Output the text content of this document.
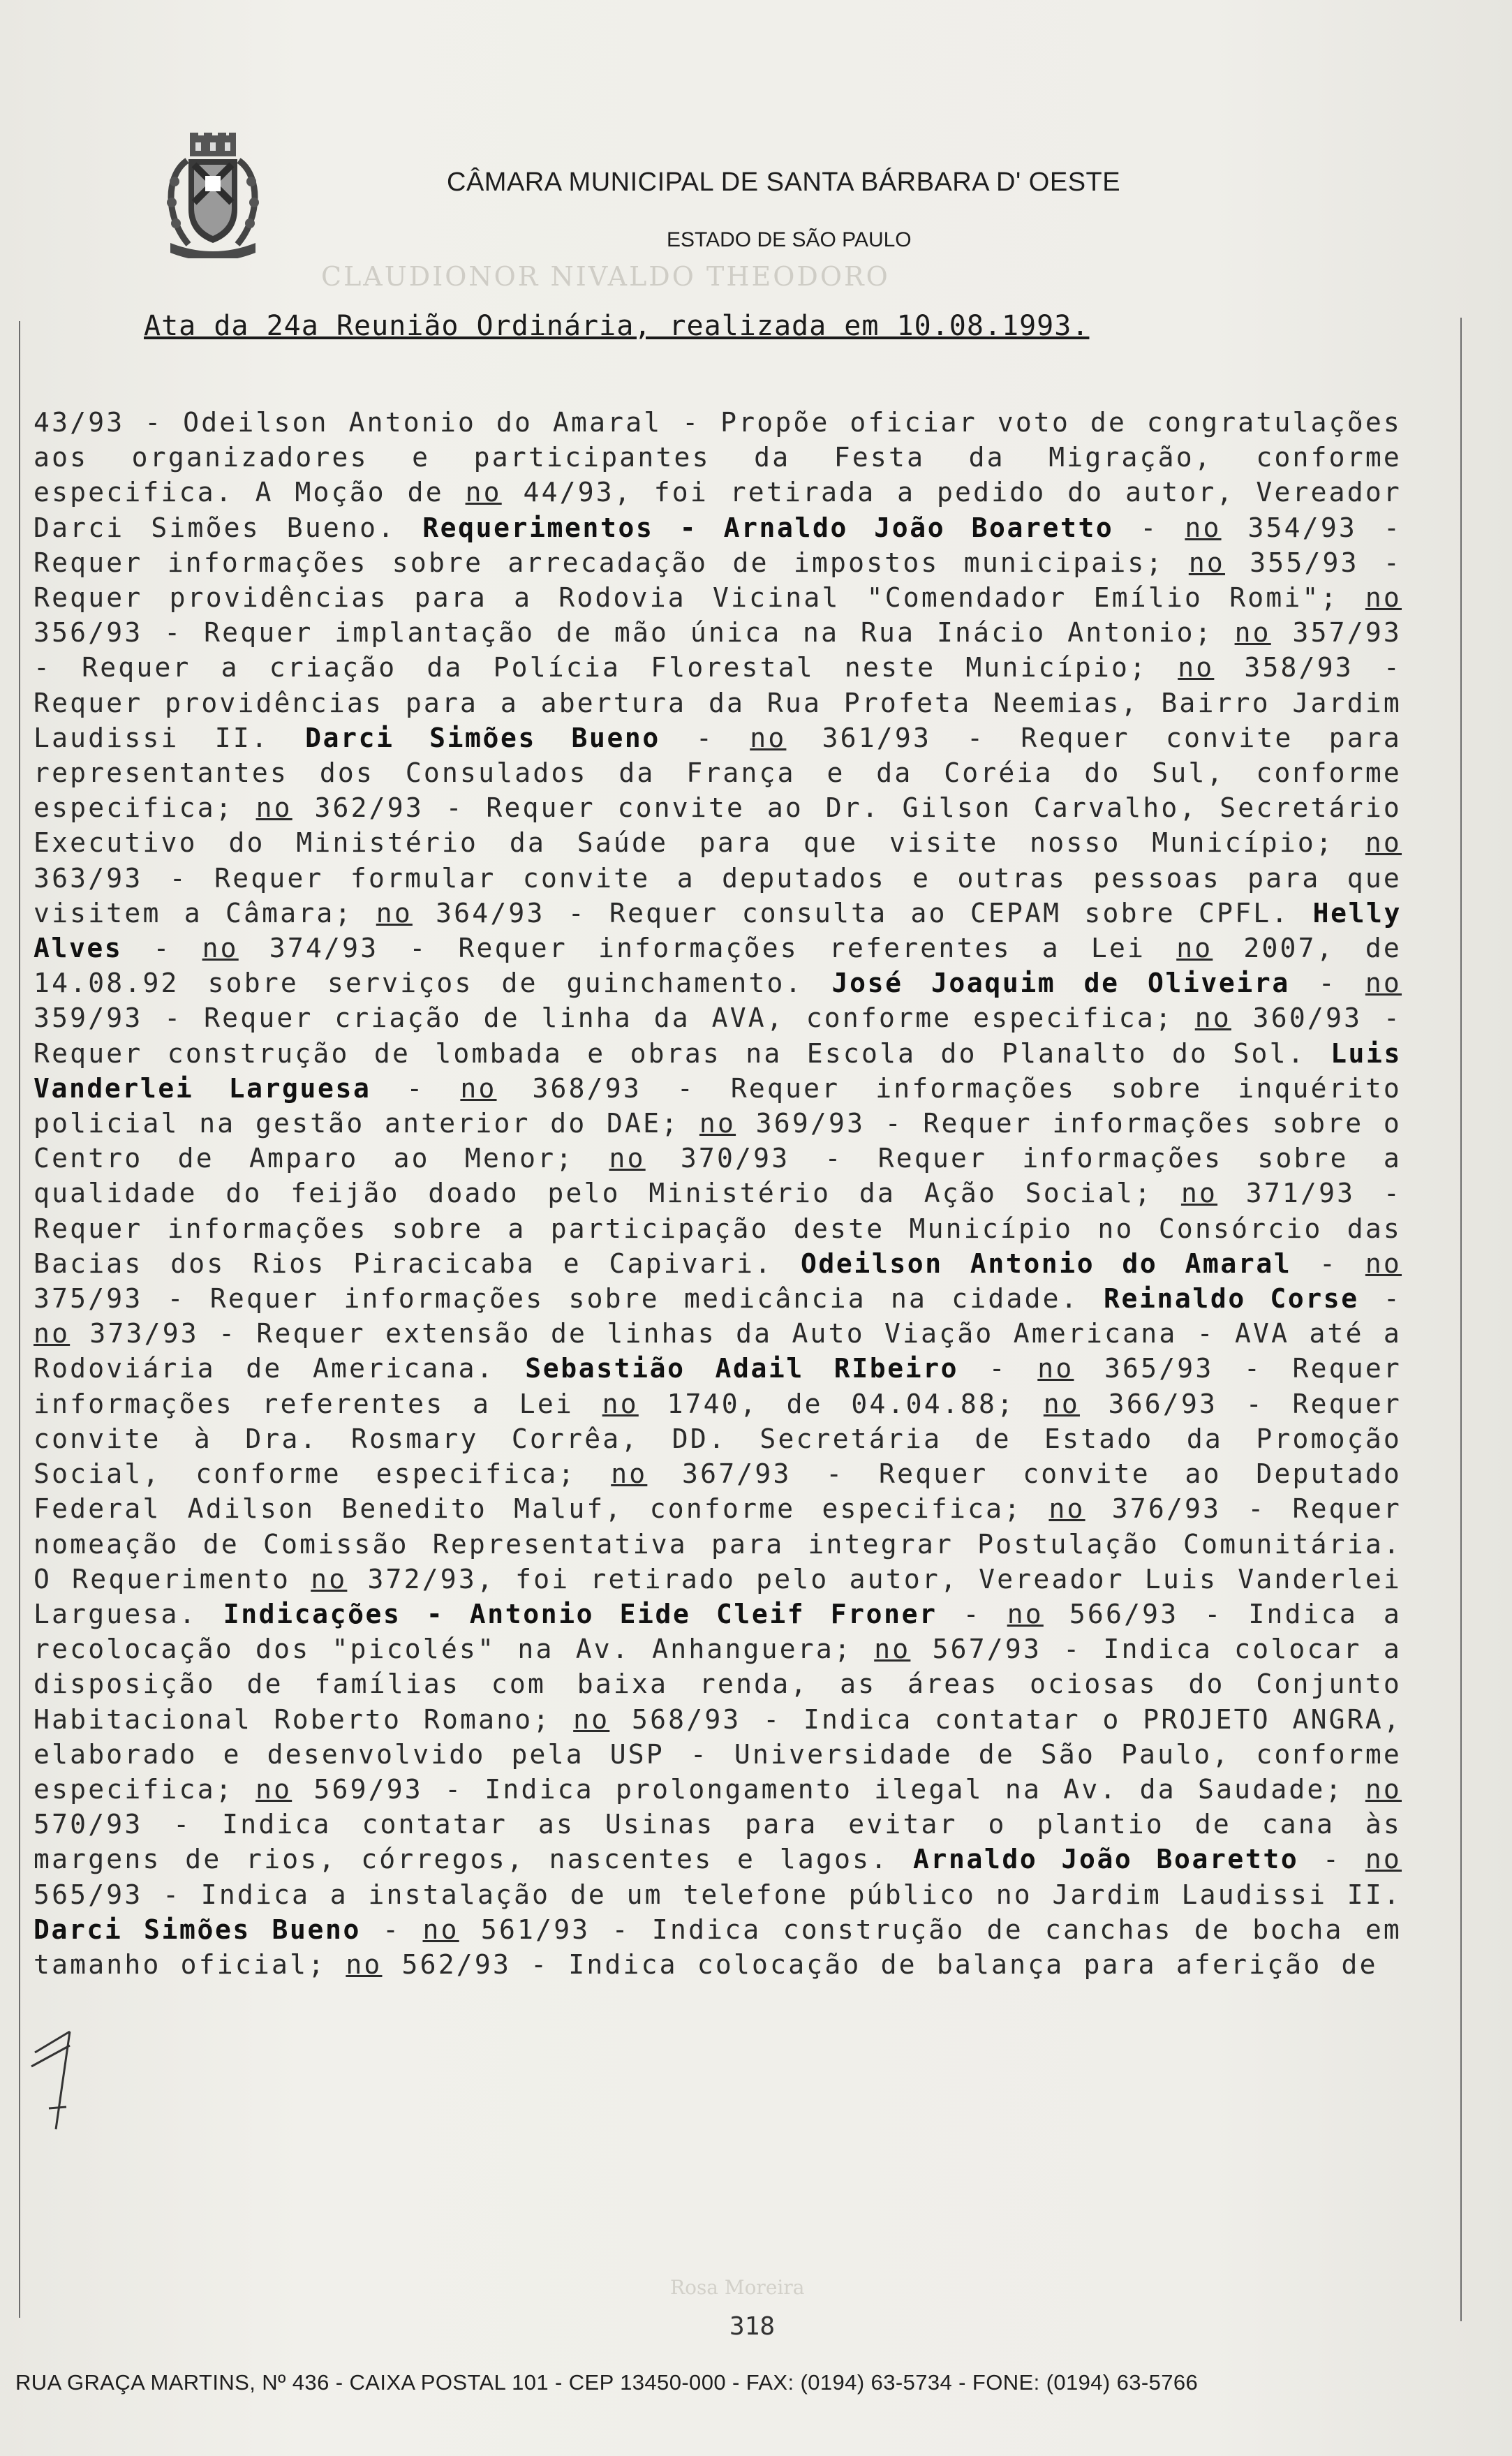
CÂMARA MUNICIPAL DE SANTA BÁRBARA D' OESTE
ESTADO DE SÃO PAULO
CLAUDIONOR NIVALDO THEODORO
Ata da 24a Reunião Ordinária, realizada em 10.08.1993.
43/93 - Odeilson Antonio do Amaral - Propõe oficiar voto de congratulações aos organizadores e participantes da Festa da Migração, conforme especifica. A Moção de no 44/93, foi retirada a pedido do autor, Vereador Darci Simões Bueno. Requerimentos - Arnaldo João Boaretto - no 354/93 - Requer informações sobre arrecadação de impostos municipais; no 355/93 - Requer providências para a Rodovia Vicinal "Comendador Emílio Romi"; no 356/93 - Requer implantação de mão única na Rua Inácio Antonio; no 357/93 - Requer a criação da Polícia Florestal neste Município; no 358/93 - Requer providências para a abertura da Rua Profeta Neemias, Bairro Jardim Laudissi II. Darci Simões Bueno - no 361/93 - Requer convite para representantes dos Consulados da França e da Coréia do Sul, conforme especifica; no 362/93 - Requer convite ao Dr. Gilson Carvalho, Secretário Executivo do Ministério da Saúde para que visite nosso Município; no 363/93 - Requer formular convite a deputados e outras pessoas para que visitem a Câmara; no 364/93 - Requer consulta ao CEPAM sobre CPFL. Helly Alves - no 374/93 - Requer informações referentes a Lei no 2007, de 14.08.92 sobre serviços de guinchamento. José Joaquim de Oliveira - no 359/93 - Requer criação de linha da AVA, conforme especifica; no 360/93 - Requer construção de lombada e obras na Escola do Planalto do Sol. Luis Vanderlei Larguesa - no 368/93 - Requer informações sobre inquérito policial na gestão anterior do DAE; no 369/93 - Requer informações sobre o Centro de Amparo ao Menor; no 370/93 - Requer informações sobre a qualidade do feijão doado pelo Ministério da Ação Social; no 371/93 - Requer informações sobre a participação deste Município no Consórcio das Bacias dos Rios Piracicaba e Capivari. Odeilson Antonio do Amaral - no 375/93 - Requer informações sobre medicância na cidade. Reinaldo Corse - no 373/93 - Requer extensão de linhas da Auto Viação Americana - AVA até a Rodoviária de Americana. Sebastião Adail RIbeiro - no 365/93 - Requer informações referentes a Lei no 1740, de 04.04.88; no 366/93 - Requer convite à Dra. Rosmary Corrêa, DD. Secretária de Estado da Promoção Social, conforme especifica; no 367/93 - Requer convite ao Deputado Federal Adilson Benedito Maluf, conforme especifica; no 376/93 - Requer nomeação de Comissão Representativa para integrar Postulação Comunitária. O Requerimento no 372/93, foi retirado pelo autor, Vereador Luis Vanderlei Larguesa. Indicações - Antonio Eide Cleif Froner - no 566/93 - Indica a recolocação dos "picolés" na Av. Anhanguera; no 567/93 - Indica colocar a disposição de famílias com baixa renda, as áreas ociosas do Conjunto Habitacional Roberto Romano; no 568/93 - Indica contatar o PROJETO ANGRA, elaborado e desenvolvido pela USP - Universidade de São Paulo, conforme especifica; no 569/93 - Indica prolongamento ilegal na Av. da Saudade; no 570/93 - Indica contatar as Usinas para evitar o plantio de cana às margens de rios, córregos, nascentes e lagos. Arnaldo João Boaretto - no 565/93 - Indica a instalação de um telefone público no Jardim Laudissi II. Darci Simões Bueno - no 561/93 - Indica construção de canchas de bocha em tamanho oficial; no 562/93 - Indica colocação de balança para aferição de
Rosa Moreira
318
RUA GRAÇA MARTINS, Nº 436 - CAIXA POSTAL 101 - CEP 13450-000 - FAX: (0194) 63-5734 - FONE: (0194) 63-5766
